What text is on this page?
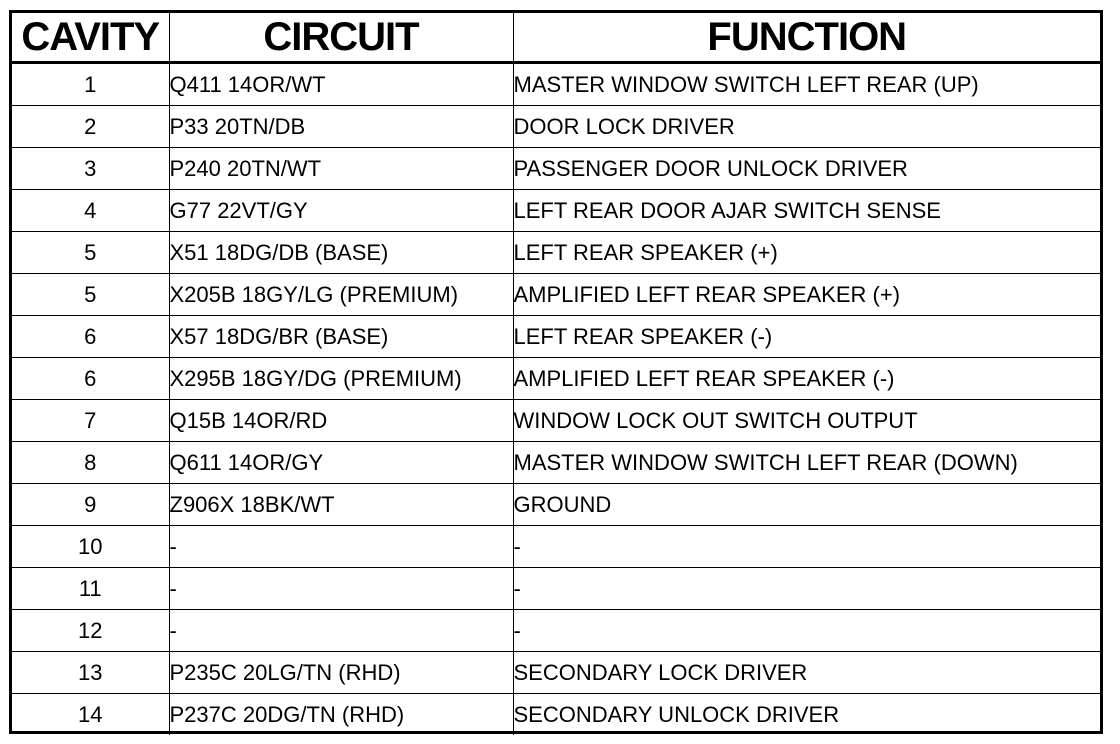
CAVITY	CIRCUIT	FUNCTION
1	Q411 14OR/WT	MASTER WINDOW SWITCH LEFT REAR (UP)
2	P33 20TN/DB	DOOR LOCK DRIVER
3	P240 20TN/WT	PASSENGER DOOR UNLOCK DRIVER
4	G77 22VT/GY	LEFT REAR DOOR AJAR SWITCH SENSE
5	X51 18DG/DB (BASE)	LEFT REAR SPEAKER (+)
5	X205B 18GY/LG (PREMIUM)	AMPLIFIED LEFT REAR SPEAKER (+)
6	X57 18DG/BR (BASE)	LEFT REAR SPEAKER (-)
6	X295B 18GY/DG (PREMIUM)	AMPLIFIED LEFT REAR SPEAKER (-)
7	Q15B 14OR/RD	WINDOW LOCK OUT SWITCH OUTPUT
8	Q611 14OR/GY	MASTER WINDOW SWITCH LEFT REAR (DOWN)
9	Z906X 18BK/WT	GROUND
10	-	-
11	-	-
12	-	-
13	P235C 20LG/TN (RHD)	SECONDARY LOCK DRIVER
14	P237C 20DG/TN (RHD)	SECONDARY UNLOCK DRIVER
